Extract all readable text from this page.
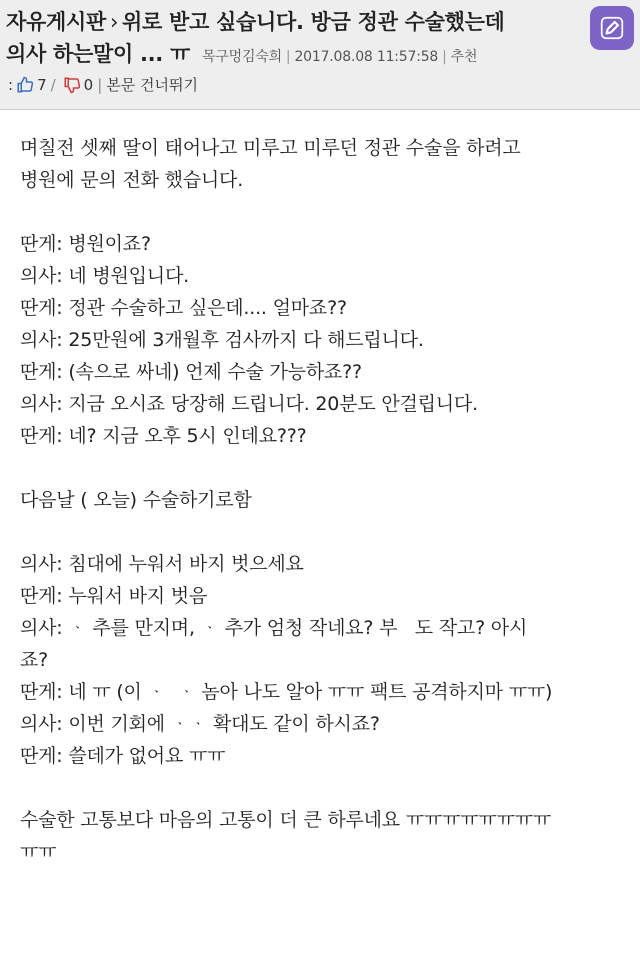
자유게시판 › 위로 받고 싶습니다. 방금 정관 수술했는데
의사 하는말이 ... ㅠ 목구멍김숙희 | 2017.08.08 11:57:58 | 추천
: 7 / 0 | 본문 건너뛰기
며칠전 셋째 딸이 태어나고 미루고 미루던 정관 수술을 하려고
병원에 문의 전화 했습니다.
딴게: 병원이죠?
의사: 네 병원입니다.
딴게: 정관 수술하고 싶은데.... 얼마죠??
의사: 25만원에 3개월후 검사까지 다 해드립니다.
딴게: (속으로 싸네) 언제 수술 가능하죠??
의사: 지금 오시죠 당장해 드립니다. 20분도 안걸립니다.
딴게: 네? 지금 오후 5시 인데요???
다음날 ( 오늘) 수술하기로함
의사: 침대에 누워서 바지 벗으세요
딴게: 누워서 바지 벗음
의사: ᆞ 추를 만지며, ᆞ 추가 엄청 작네요? 부   도 작고? 아시
죠?
딴게: 네 ㅠ (이 ᆞ  ᆞ 놈아 나도 알아 ㅠㅠ 팩트 공격하지마 ㅠㅠ)
의사: 이번 기회에 ᆞᆞ 확대도 같이 하시죠?
딴게: 쓸데가 없어요 ㅠㅠ
수술한 고통보다 마음의 고통이 더 큰 하루네요 ㅠㅠㅠㅠㅠㅠㅠㅠ
ㅠㅠ
